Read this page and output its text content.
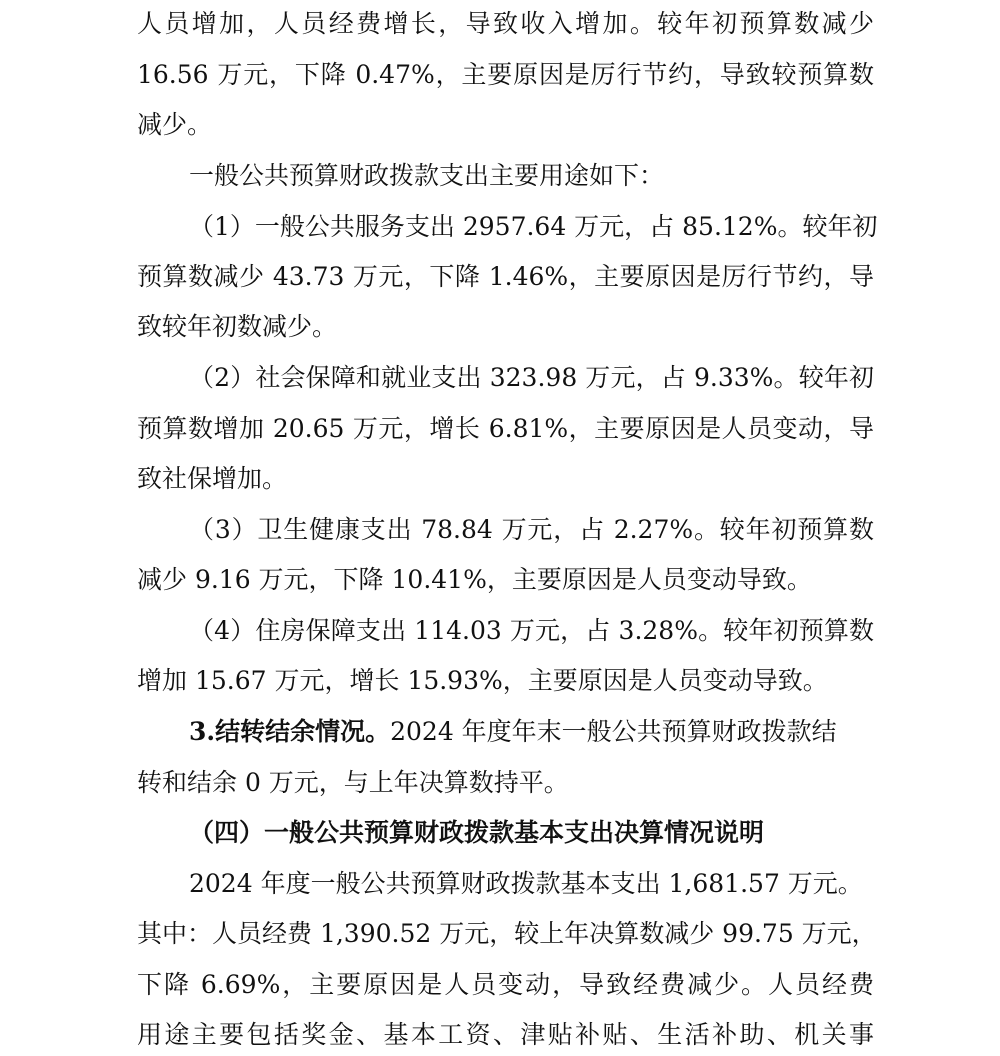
人员增加，人员经费增长，导致收入增加。较年初预算数减少
16.56 万元，下降 0.47%，主要原因是厉行节约，导致较预算数
减少。
一般公共预算财政拨款支出主要用途如下：
（1）一般公共服务支出 2957.64 万元，占 85.12%。较年初
预算数减少 43.73 万元，下降 1.46%，主要原因是厉行节约，导
致较年初数减少。
（2）社会保障和就业支出 323.98 万元，占 9.33%。较年初
预算数增加 20.65 万元，增长 6.81%，主要原因是人员变动，导
致社保增加。
（3）卫生健康支出 78.84 万元，占 2.27%。较年初预算数
减少 9.16 万元，下降 10.41%，主要原因是人员变动导致。
（4）住房保障支出 114.03 万元，占 3.28%。较年初预算数
增加 15.67 万元，增长 15.93%，主要原因是人员变动导致。
3.结转结余情况。2024 年度年末一般公共预算财政拨款结
转和结余 0 万元，与上年决算数持平。
（四）一般公共预算财政拨款基本支出决算情况说明
2024 年度一般公共预算财政拨款基本支出 1,681.57 万元。
其中：人员经费 1,390.52 万元，较上年决算数减少 99.75 万元，
下降 6.69%，主要原因是人员变动，导致经费减少。人员经费
用途主要包括奖金、基本工资、津贴补贴、生活补助、机关事
